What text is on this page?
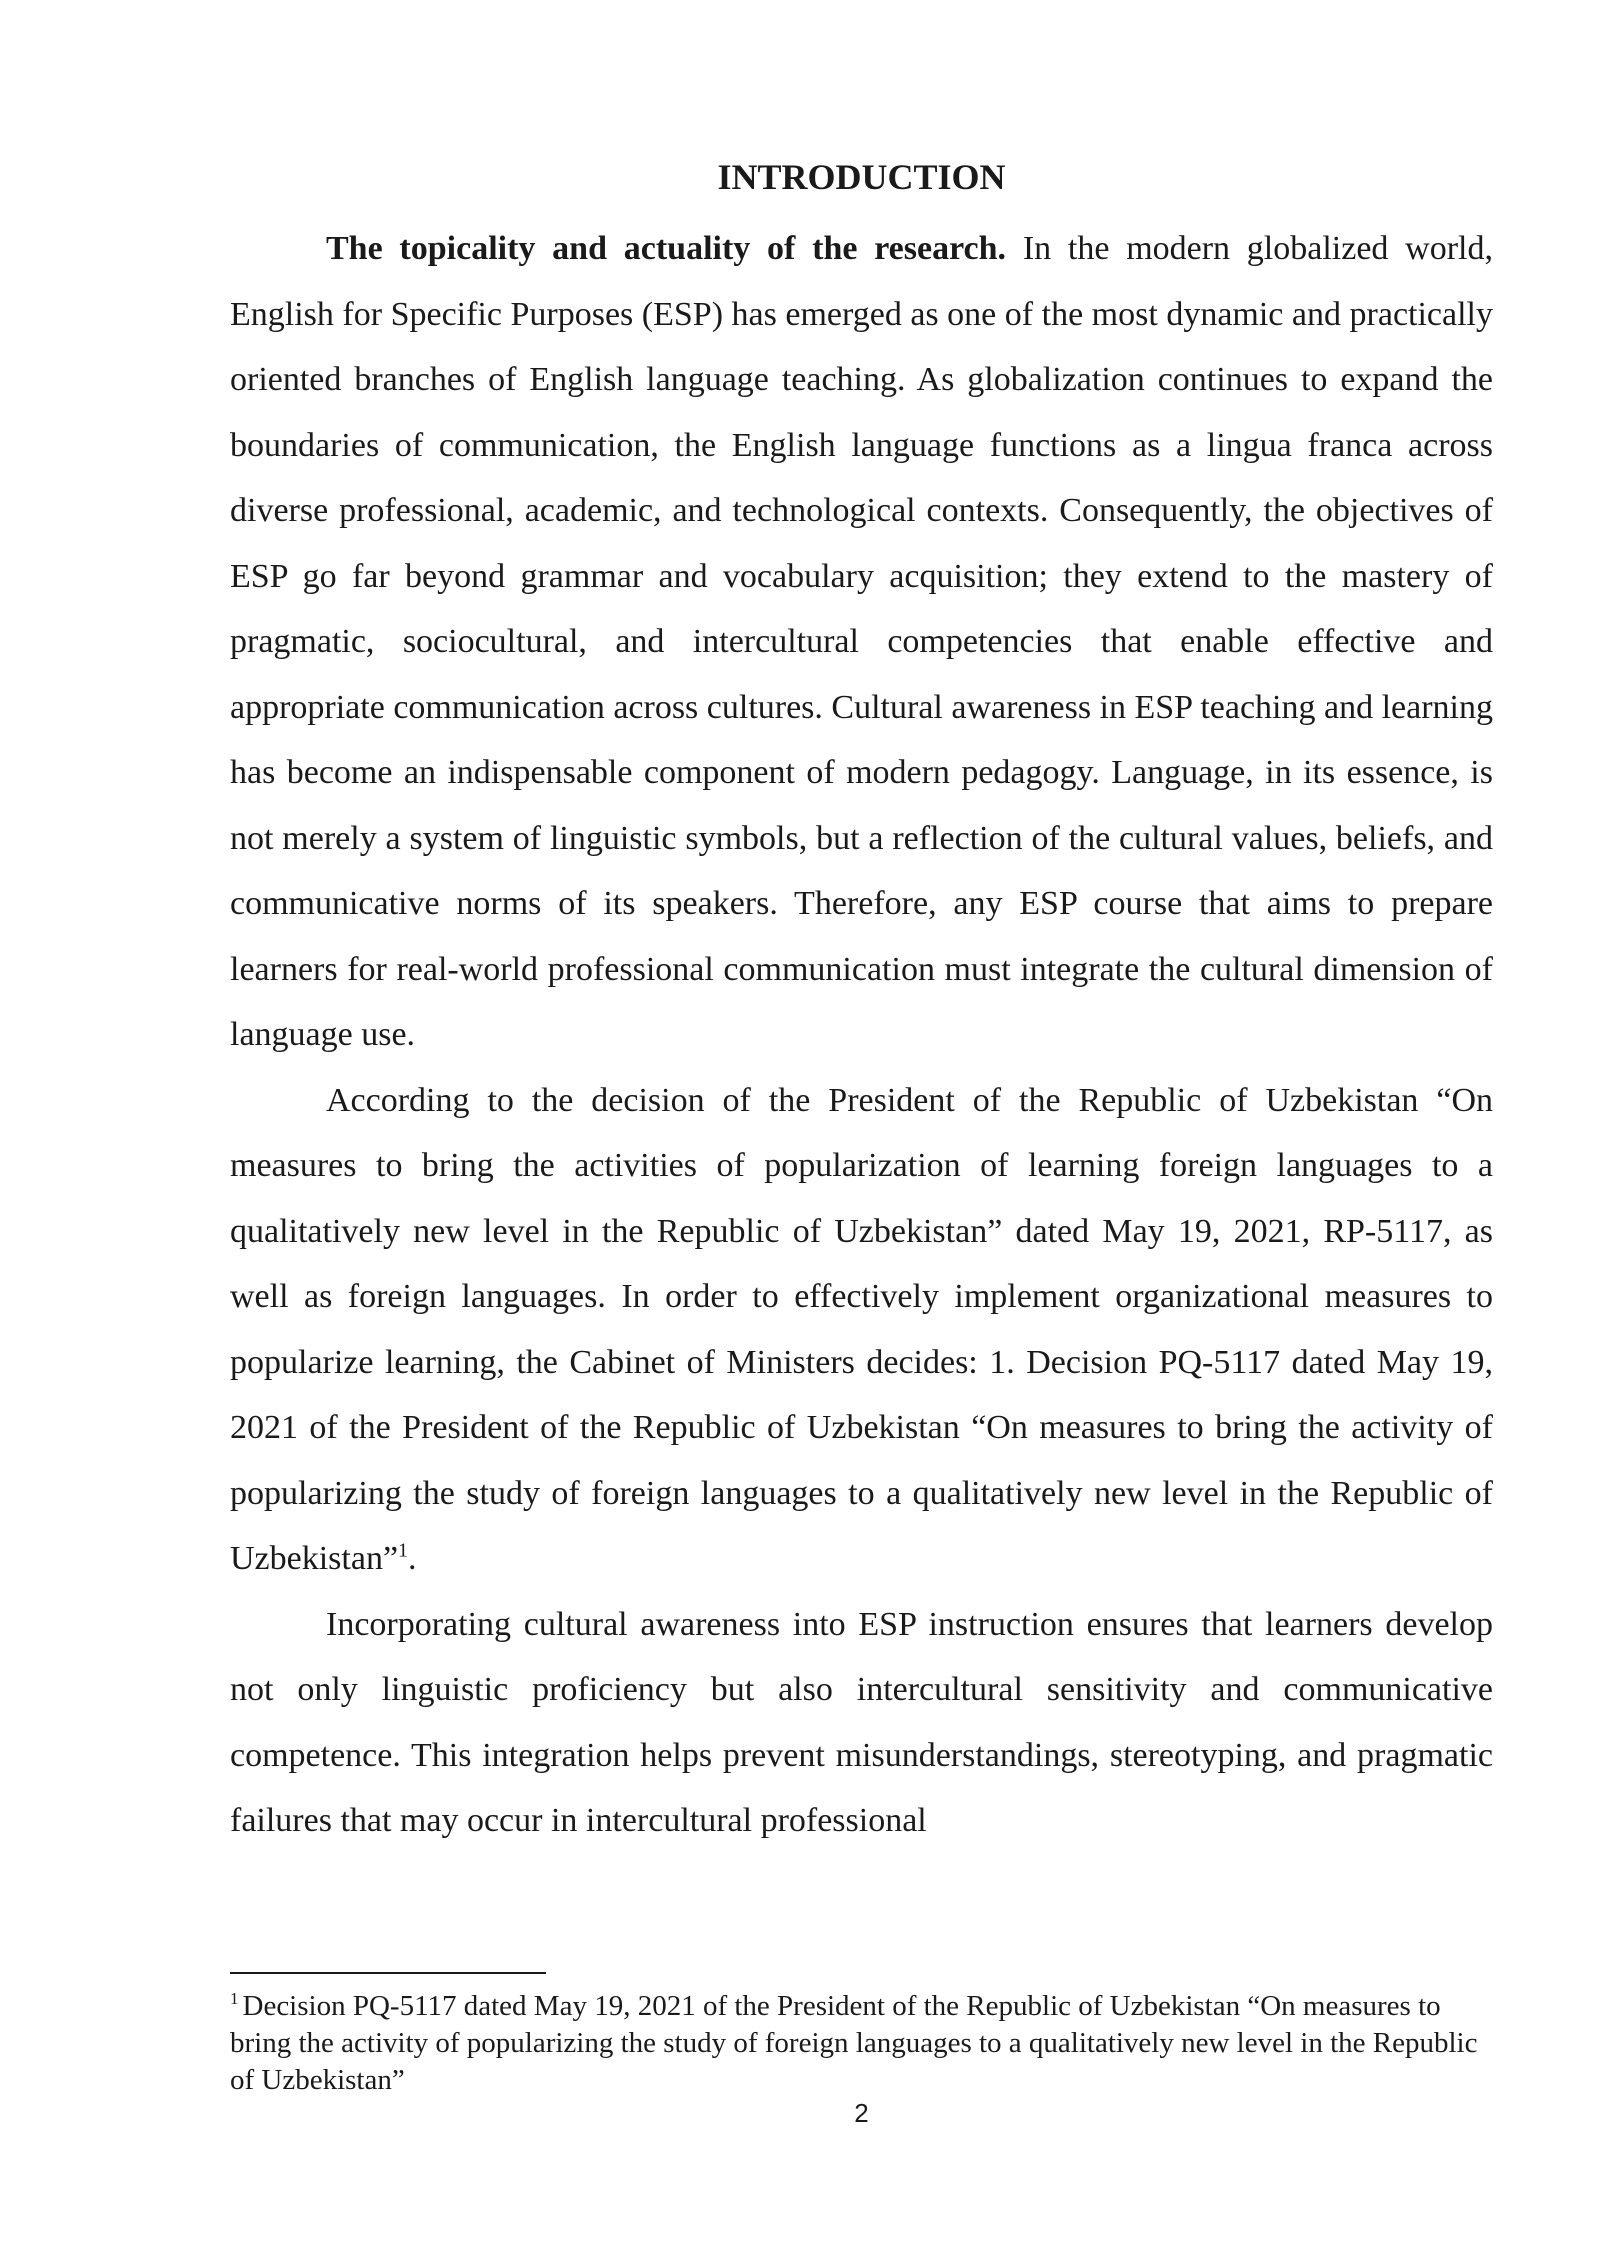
INTRODUCTION

The topicality and actuality of the research. In the modern globalized world, English for Specific Purposes (ESP) has emerged as one of the most dynamic and practically oriented branches of English language teaching. As globalization continues to expand the boundaries of communication, the English language functions as a lingua franca across diverse professional, academic, and technological contexts. Consequently, the objectives of ESP go far beyond grammar and vocabulary acquisition; they extend to the mastery of pragmatic, sociocultural, and intercultural competencies that enable effective and appropriate communication across cultures. Cultural awareness in ESP teaching and learning has become an indispensable component of modern pedagogy. Language, in its essence, is not merely a system of linguistic symbols, but a reflection of the cultural values, beliefs, and communicative norms of its speakers. Therefore, any ESP course that aims to prepare learners for real-world professional communication must integrate the cultural dimension of language use.

According to the decision of the President of the Republic of Uzbekistan “On measures to bring the activities of popularization of learning foreign languages to a qualitatively new level in the Republic of Uzbekistan” dated May 19, 2021, RP-5117, as well as foreign languages. In order to effectively implement organizational measures to popularize learning, the Cabinet of Ministers decides: 1. Decision PQ-5117 dated May 19, 2021 of the President of the Republic of Uzbekistan “On measures to bring the activity of popularizing the study of foreign languages to a qualitatively new level in the Republic of Uzbekistan”$^1$.

Incorporating cultural awareness into ESP instruction ensures that learners develop not only linguistic proficiency but also intercultural sensitivity and communicative competence. This integration helps prevent misunderstandings, stereotyping, and pragmatic failures that may occur in intercultural professional

$^1$ Decision PQ-5117 dated May 19, 2021 of the President of the Republic of Uzbekistan “On measures to bring the activity of popularizing the study of foreign languages to a qualitatively new level in the Republic of Uzbekistan”

2
